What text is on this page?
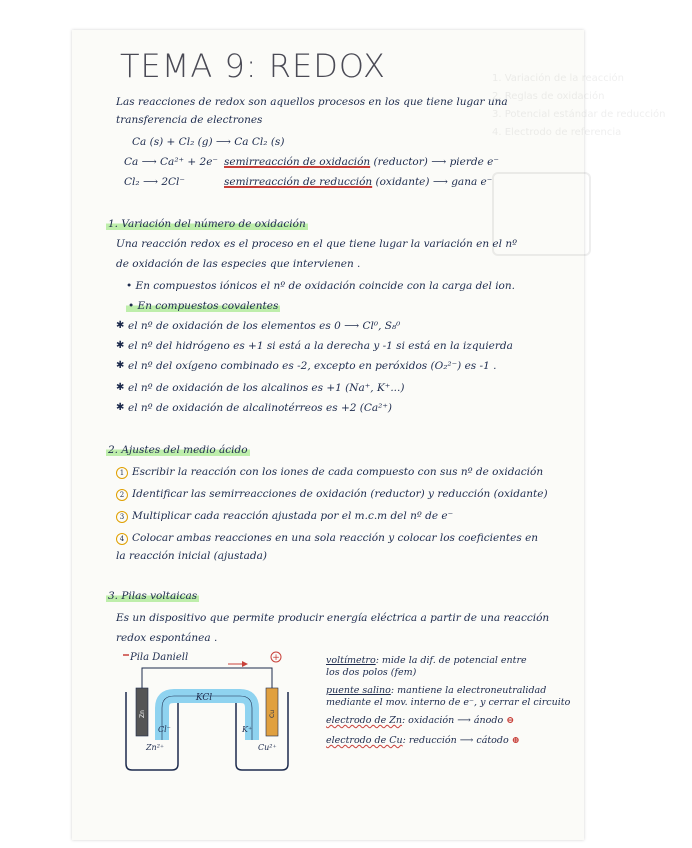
1. Variación de la reacción
2. Reglas de oxidación
3. Potencial estándar de reducción
4. Electrodo de referencia
TEMA 9: REDOX
Las reacciones de redox son aquellos procesos en los que tiene lugar una
transferencia de electrones
Ca (s) + Cl₂ (g) ⟶ Ca Cl₂ (s)
Ca ⟶ Ca²⁺ + 2e⁻ semirreacción de oxidación (reductor) ⟶ pierde e⁻
Cl₂ ⟶ 2Cl⁻	semirreacción de reducción (oxidante) ⟶ gana e⁻
1. Variación del número de oxidación
Una reacción redox es el proceso en el que tiene lugar la variación en el nº
de oxidación de las especies que intervienen .
• En compuestos iónicos el nº de oxidación coincide con la carga del ion.
• En compuestos covalentes
✱ el nº de oxidación de los elementos es 0 ⟶ Cl⁰, S₈⁰
✱ el nº del hidrógeno es +1 si está a la derecha y -1 si está en la izquierda
✱ el nº del oxígeno combinado es -2, excepto en peróxidos (O₂²⁻) es -1 .
✱ el nº de oxidación de los alcalinos es +1 (Na⁺, K⁺...)
✱ el nº de oxidación de alcalinotérreos es +2 (Ca²⁺)
2. Ajustes del medio ácido
1 Escribir la reacción con los iones de cada compuesto con sus nº de oxidación
2 Identificar las semirreacciones de oxidación (reductor) y reducción (oxidante)
3 Multiplicar cada reacción ajustada por el m.c.m del nº de e⁻
4 Colocar ambas reacciones en una sola reacción y colocar los coeficientes en
la reacción inicial (ajustada)
3. Pilas voltaicas
Es un dispositivo que permite producir energía eléctrica a partir de una reacción
redox espontánea .
Pila Daniell	+
KCl
Zn	Cu
Zn²⁺
Cl⁻	K⁺
Cu²⁺
voltímetro: mide la dif. de potencial entre
los dos polos (fem)
puente salino: mantiene la electroneutralidad
mediante el mov. interno de e⁻, y cerrar el circuito
electrodo de Zn: oxidación ⟶ ánodo ⊖
electrodo de Cu: reducción ⟶ cátodo ⊕
